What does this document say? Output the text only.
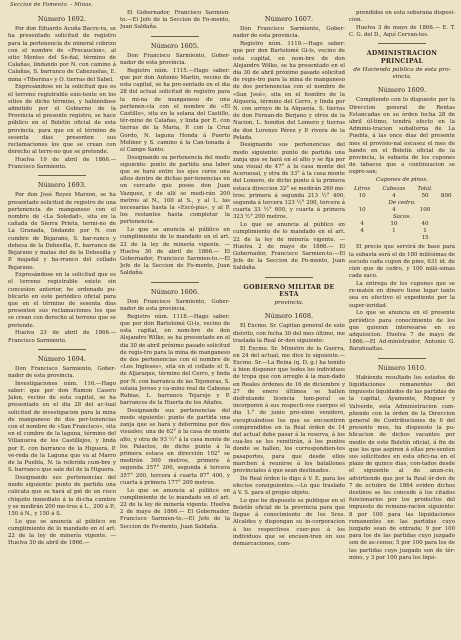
Seccion de Fomento. - Minas.
Número 1692.

Por don Eduardo Acuña Bacre-ra, se ha presentado solicitud de registro para la pertenencia de mineral cobrizo con el nombre de «Precaucion», al sitio Montes del Se-ñal, término de Calañas, lindando por N. con camino á Calañas, S. barranco de Cabezuelas, E. mina «Tiberina» y O. tierras del Sabel.

Expresándose en la solicitud que es el terreno registrable exis-tente en los sitios de dicho término, y habiéndose admitido por el Gobierno de la Provincia el presente registro, se hace público en el Boletin oficial de esta provincia, para que en el término de sesenta dias presenten sus reclamaciones los que se crean con derecho al terre-no que se pretende.

Huelva 19 de abril de 1866.— Francisco Sarmiento.

Número 1693.

Por don José Reyes Marzon, se ha presentado solicitud de registro de una pertenencia de manganeso con el nombre de «La Soledad», sita en la cañada de Sierra Prieta, termi-no de La Granada, lindando por N. con cumbre de Bejarano, S. bar-ranco y dehesa de la Dehesilla, E. barranco de Bejarano y matas del de la Dehesilla y P. majadal y ba-rranco del collado Bejarano.

Expresándose en la solicitud que es el terreno registrable existe sin concesion anterior, he ordenado pu-blicarlo en este periódico oficial para que en el término de sesenta dias presenten sus reclamaciones los que se crean con derecho al terreno que se pretende.

Huelva 23 de abril de 1866.— Francisco Sarmiento.

Número 1694.

Don Francisco Sarmiento, Gober-nador de esta provincia.

Investigaciones núm. 116.—Hago saber: que por don Ramon Casero Jalon, vecino de esta capital, se ha presentado en el dia 28 del ac-tual solicitud de investigacion para la mina de manganeso de dos per-tenencias con el nombre de «San Francisco», sita en el cumbre de la laguna, término del Villanueva de los Castillejos, y linda por E. con barranco de la Higuera, P. ve-reda de la Laguna que va al Marro de la Puebla, N. la referida cum-bre y S. barranco que sale del de la Higuera.

Designando sus pertenencias del modo siguiente: punto de partida una calicata que se hará al pié de un risco chiquito inmediato á la di-cha cumbre y se medirán 200 me-tros á L., 200 á P., 150 á N., y 150 á S.

Lo que se anuncia al público en cumplimiento de lo mandado en el art. 22 de la ley de minería vigente. —Huelva 30 de abril de 1866.—

El Gobernador, Francisco Sarmien-to.—El Jefe de la Seccion de Fo-mento, Juan Saldaña.

Número 1605.

Don Francisco Sarmiento, Gober-nador de esta provincia.

Registro núm. 1115.—Hago saber: que por don Antonio Martin, vecino de esta capital, se ha pre-sentado en el dia 28 del actual solicitud de registro para la mi-na de manganeso de una pertenen-cia con el nombre de «El Castillo», sita en la solana del Castillo, tér-mino de Calañas, y linda por E. con tierras de la Maria, P. con la Cruz Gordo, N. laguna Honda á Puerto Moliner y S. camino á la Can-tonada á el Campo Santo.

Designando su pertenencia del modo siguiente: punto de partida una labor que se hará entre los ejes ceros una altos dentro de dichas per-tenencias en un cercado que posee don Juan Vazquez, y de allí se medi-rán 200 metros al N., 100 al S., y al L. las necesarias hasta la «Escó-pia», y al P. los restantes hasta completar la pertenencia.

Lo que se anuncia al público en cumplimiento de lo mandado en el art. 22 de la ley de minería vigente. —Huelva 30 de abril de 1866.— El Gobernador, Francisco Sarmien-to.—El Jefe de la Seccion de Fo-mento, Juan Saldaña.

Número 1606.

Don Francisco Sarmiento, Gober-nador de esta provincia.

Registro núm. 1118.—Hago saber: que por don Bartolomé Gi-ls, vecino de esta capital, en nom-bre de don Alejandro Wilke, se ha presentado en el dia 30 de abril próximo pasado solicitud de regis-tro para la mina de manganeso de dos pertenencias con el nombre de «Los Ingleses», sita en el collado el S. de Aljaraque, término del Cerro, y linda por N. con barranca de las Tejoneras, S. solana Jeroso y ca-mino real de Cabezas Rubias, L. barranco Tejarejo y P. barrancos de la Huerta de los Añafes.

Designando sus pertenencias del modo siguiente: punto de partida una zanja que se hará y determina por dos visuales; una de 62° á la casa de monte alto, y otra de 93 ½° á la casa monte de los Palacios, de dicho punto á la primera estaca en dirección 102° se medirán 300 metros, primera á segunda 357° 200, segunda á tercera 357° 200, tercera á cuarta 87° 400, y cuarta á primera 177° 200 metros.

Lo que se anuncia al público en cumplimiento de lo mandado en el art. 22 de la ley de minería vigente. Huelva 2 de mayo de 1866.— El Gobernador, Francisco Sarmien-to.—El Jefe de la Seccion de Fo-mento, Juan Saldaña.

Número 1607.

Don Francisco Sarmiento, Gober-nador de esta provincia.

Registro núm. 1119.—Hago saber: que por don Bartolomé Gi-ls, vecino de esta capital, en nom-bre de don Alejandro Wilke, se ha presentado en el dia 30 de abril próximo pasado solicitud de regis-tro para la mina de manganeso de dos pertenencias con el nombre de «San José», sita en el hombro de la Alquería, término del Cerro, y linda por N. con arroyo de la Alquería, S. tierras de don Fernan-do Berjano y otros de la Nacion, L. hondon del Lomero y tierras de don Lorenzo Pérez y P. rivera de la Pelada.

Designando sus pertenencias del modo siguiente: punto de partida una zanja que se hará en el alto y se fija por una visual de 47° á la casa monte del Aceruosal, y otra de 33° á la casa monte del Lomero, de dicho punto á la primera estaca direccion 32° se medirán 260 me-tros; primera á segunda 213 ½° 400, segunda á tercera 123 ½° 200, tercera á cuarta 33 ½° 600, y cuarta á primera 323 ½° 200 metros.

Lo que se anuncia al público en cumplimiento de lo mandado en el art. 22 de la ley de minería vigente. —Huelva 2 de mayo de 1866.— El Gobernador, Francisco Sarmien-to.—El Jefe de la Seccion de Fo-mento, Juan Saldaña.

GOBIERNO MILITAR DE ESTA
provincia.
Número 1608.

El Excmo. Sr. Capitan general de este distrito, con fecha 30 del mes último, me traslada la Real ór-den siguiente:

El Excmo. Sr. Ministro de la Guerra, en 24 del actual, me dice lo siguiente.—Excmo. Sr.—La Reina (q. D. g.) ha tenido á bien disponer que todos los individuos de tropa que con arreglo á la man-dado en Reales órdenes de 16 de diciembre y 27 de enero últimos se hallen disfrutando licencia tem-poral se incorporen á sus respecti-vos cuerpos el dia 1.° de junio pró-ximo venidero, exceptuándose los que se encuentren comprendidos en la Real órden de 14 del actual debe pasar á la reserva, á los cua-les se les remitirán, á los puntos donde se hallen, los correspondien-tes pasaportes, para que desde ellos marchen á reunirse á los batallones provinciales á que sean destinados.

De Real órden lo digo á V. E. para los efectos consiguientes.—Lo que traslado á V. S. para el propio objeto.

Lo que he dispuesto se publique en el Boletín oficial de la provincia para que llegue á conocimiento de los Sres. Alcaldes y dispongan su in-corporacion á los respectivos cuer-pos á los individuos que se encuen-tren en sus demarcaciones, com-

prendidos en esta soberana disposi-cion.

Huelva 3 de mayo de 1866.— E. T. C. G. del D., Aquí Cervan-tes.

ADMINISTRACION PRINCIPAL
de Hacienda pública de esta pro-vincia.
Número 1609.

Cumpliendo con lo dispuesto por la Direccion general de Rentas Estancadas en su órden fecha 28 de abril úl-timo, tendrá efecto en la Adminis-tracion subalterna de La Puebla, á las once dias del presente mes el provisio-nal escasez el mes de bando en el Boletín oficial de la provincia, la subasta de los cupones de tabacos que a continuacion se expre-san:

Cupones de pinos.
Litros	Cabezas	Total.	
10	4	50	800
De cedro.			
10	4	100	
Sacos.			
4	10	40	
4	1	1	
		15	

El precio que servirá de base para la subasta será el de 180 milésimas de escudo cada cupon de pino, 631 id. de cien que de cedro, y 100 milé-simas cada saco.

La entrega de los cupones que se re-matén en dinero tiene lugar tanto sea en efectivo el expediente por la super-ioridad.

Lo que se anuncia en el presente periódico para conocimiento de los que quieran interesarse en su adquisicion. Huelva 7 de mayo de 1866.—El Ad-ministrador, Antonio G. Barahualtas.

Número 1610.

Habiendo resultado los estados de liquidaciones remanentes del impuesto liquidados de las partidas de la capital, Ayamonte, Moguer y Valverde, esta Administracion cum-pliendo con la órden de la Direccion general de Contribuciones de 6 del presente mes, ha dispuesto la pu-blicacion de dichos vacantes por medio de este Boletín oficial, á fin de que los que aspiren á ellas pre-senten sus solicitudes en esta ofici-na en el plazo de quince dias, con-tados desde el siguiente al de anun-cio, advirtiendo que por la Real ór-den de 7 de octubre de 1864 eviden dichos destinos se les concede á los citados funcionarios por los productos del impuesto de remune-racion siguiente: 8 por 100 para las liquidaciones remanentes en las partidas cuyo juzgado sean de entrada; 9 por 100 para los de las partidas cuyo juzgado son de as-censo; 5 por 100 para los de las partidas cuyo juzgado son de tér-mino, y 3 por 100 para los liqui-
